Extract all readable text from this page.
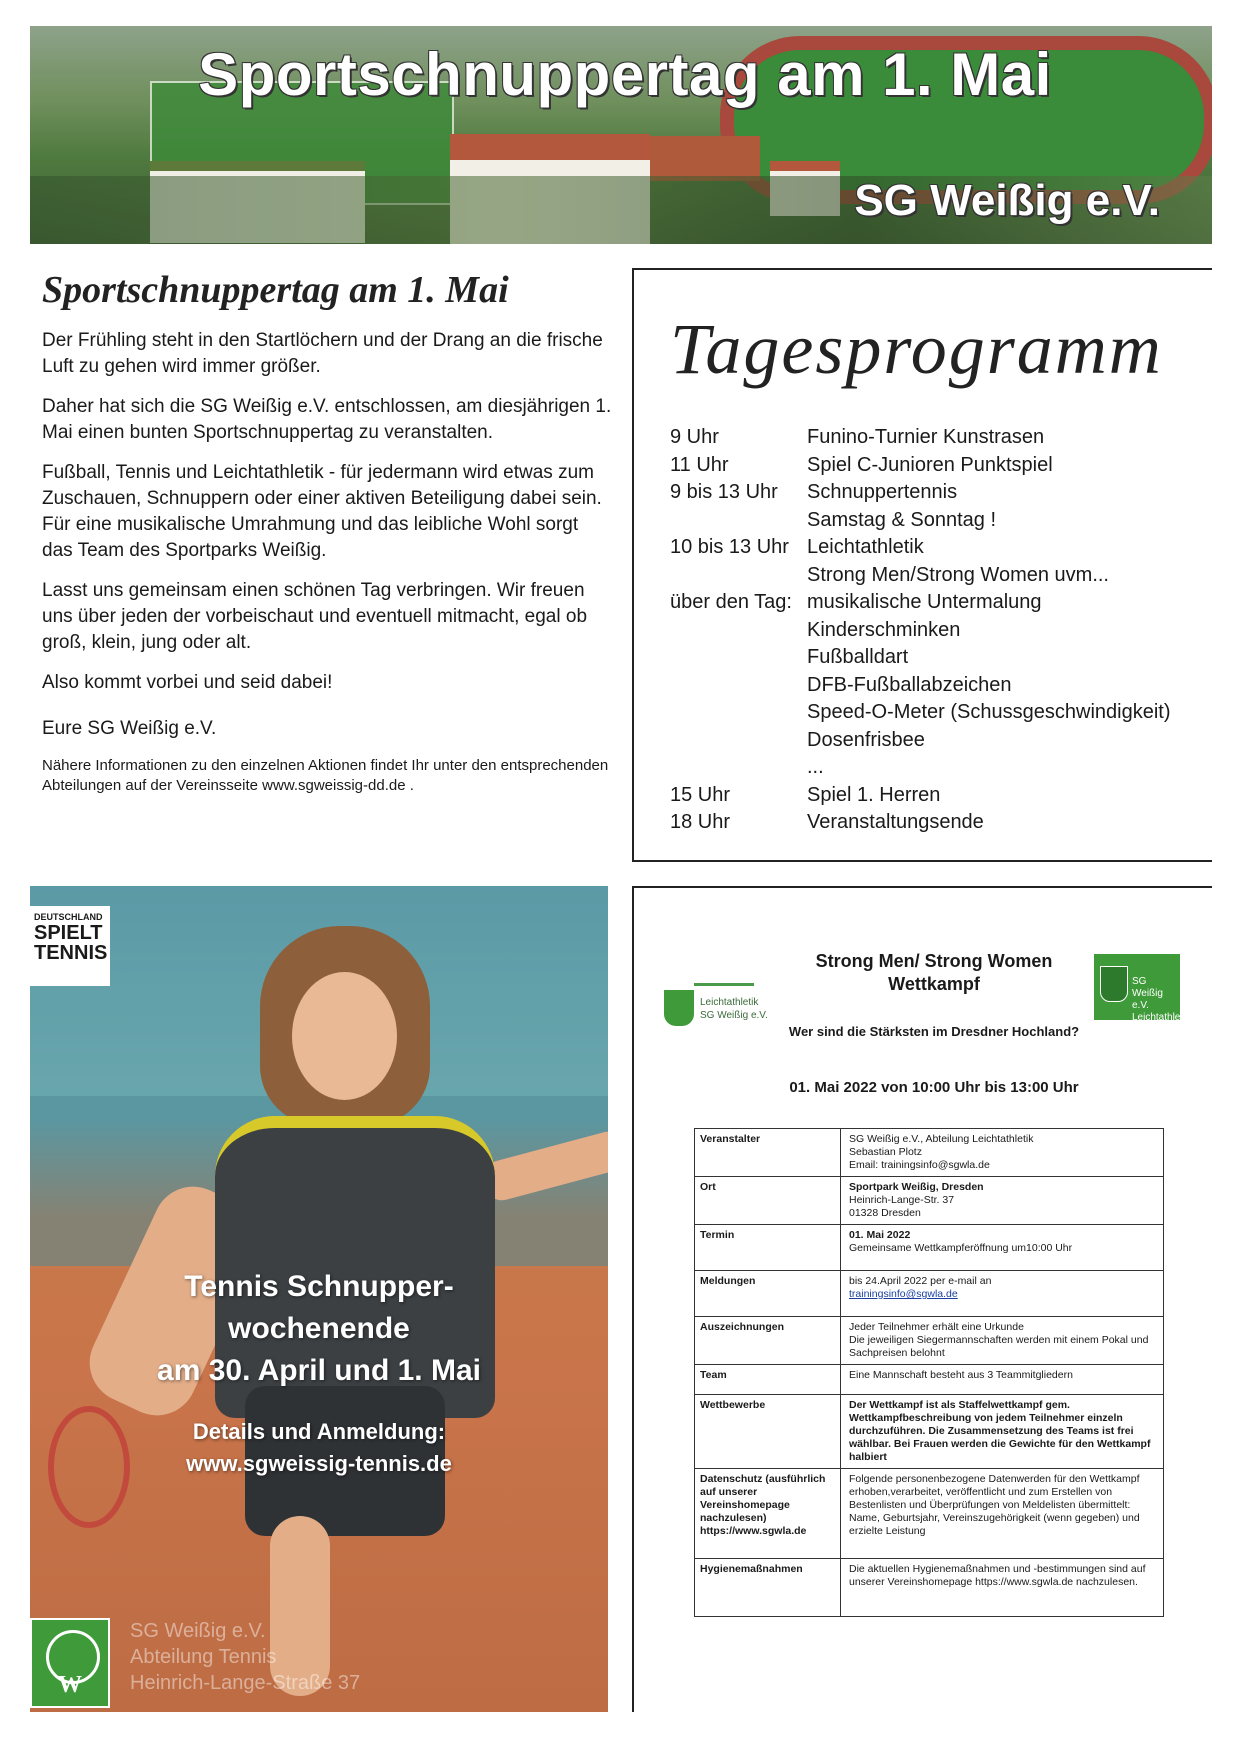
Sportschnuppertag am 1. Mai
SG Weißig e.V.
Sportschnuppertag am 1. Mai

Der Frühling steht in den Startlöchern und der Drang an die frische Luft zu gehen wird immer größer.

Daher hat sich die SG Weißig e.V. entschlossen, am diesjährigen 1. Mai einen bunten Sportschnuppertag zu veranstalten.

Fußball, Tennis und Leichtathletik - für jedermann wird etwas zum Zuschauen, Schnuppern oder einer aktiven Beteiligung dabei sein. Für eine musikalische Umrahmung und das leibliche Wohl sorgt das Team des Sportparks Weißig.

Lasst uns gemeinsam einen schönen Tag verbringen. Wir freuen uns über jeden der vorbeischaut und eventuell mitmacht, egal ob groß, klein, jung oder alt.

Also kommt vorbei und seid dabei!

Eure SG Weißig e.V.

Nähere Informationen zu den einzelnen Aktionen findet Ihr unter den entsprechenden Abteilungen auf der Vereinsseite www.sgweissig-dd.de .

Tagesprogramm
9 Uhr	Funino-Turnier Kunstrasen
11 Uhr	Spiel C-Junioren Punktspiel
9 bis 13 Uhr	Schnuppertennis
Samstag & Sonntag !
10 bis 13 Uhr Leichtathletik
Strong Men/Strong Women uvm...
über den Tag: musikalische Untermalung
Kinderschminken
Fußballdart
DFB-Fußballabzeichen
Speed-O-Meter (Schussgeschwindigkeit)
Dosenfrisbee
...
15 Uhr	Spiel 1. Herren
18 Uhr	Veranstaltungsende
DEUTSCHLAND
SPIELT TENNIS
Tennis Schnupper-
wochenende
am 30. April und 1. Mai
Details und Anmeldung:
www.sgweissig-tennis.de
W
SG Weißig e.V.
Abteilung Tennis
Heinrich-Lange-Straße 37
Leichtathletik SG Weißig e.V.
SG Weißig e.V. Leichtathletik
Strong Men/ Strong Women Wettkampf
Wer sind die Stärksten im Dresdner Hochland?
01. Mai 2022 von 10:00 Uhr bis 13:00 Uhr
Veranstalter	SG Weißig e.V., Abteilung Leichtathletik
Sebastian Plotz
Email: trainingsinfo@sgwla.de

Ort	Sportpark Weißig, Dresden
Heinrich-Lange-Str. 37
01328 Dresden

Termin	01. Mai 2022
Gemeinsame Wettkampferöffnung um10:00 Uhr

Meldungen	bis 24.April 2022 per e-mail an
trainingsinfo@sgwla.de

Auszeichnungen	Jeder Teilnehmer erhält eine Urkunde
Die jeweiligen Siegermannschaften werden mit einem Pokal und Sachpreisen belohnt

Team	Eine Mannschaft besteht aus 3 Teammitgliedern

Wettbewerbe	Der Wettkampf ist als Staffelwettkampf gem. Wettkampfbeschreibung von jedem Teilnehmer einzeln durchzuführen. Die Zusammensetzung des Teams ist frei wählbar. Bei Frauen werden die Gewichte für den Wettkampf halbiert

Datenschutz (ausführlich auf unserer Vereinshomepage nachzulesen) https://www.sgwla.de	Folgende personenbezogene Datenwerden für den Wettkampf erhoben,verarbeitet, veröffentlicht und zum Erstellen von Bestenlisten und Überprüfungen von Meldelisten übermittelt: Name, Geburtsjahr, Vereinszugehörigkeit (wenn gegeben) und erzielte Leistung

Hygienemaßnahmen	Die aktuellen Hygienemaßnahmen und -bestimmungen sind auf unserer Vereinshomepage https://www.sgwla.de nachzulesen.
